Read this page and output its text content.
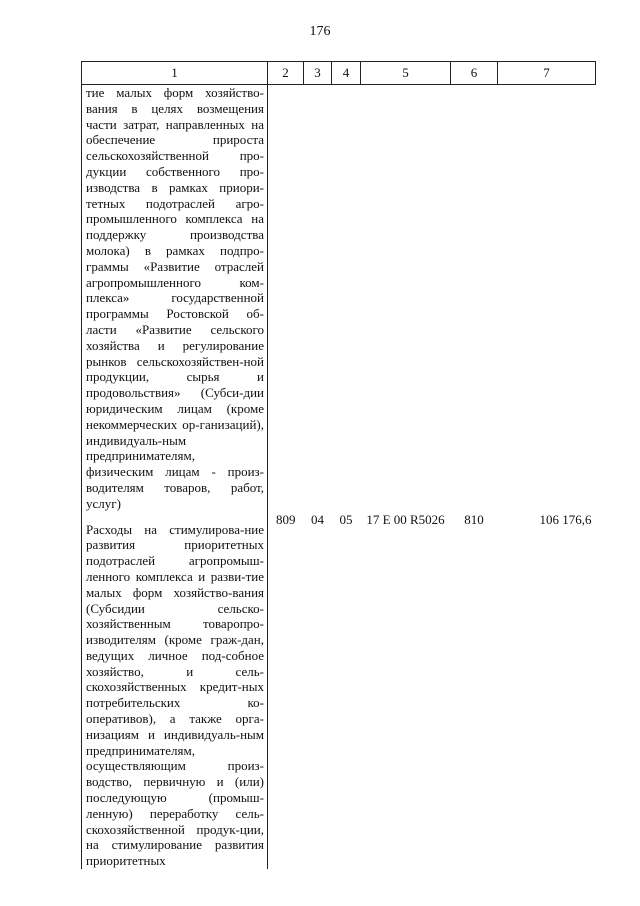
176
1	2	3	4	5	6	7
тие малых форм хозяйство-вания в целях возмещения части затрат, направленных на обеспечение прироста сельскохозяйственной про-дукции собственного про-изводства в рамках приори-тетных подотраслей агро-промышленного комплекса на поддержку производства молока) в рамках подпро-граммы «Развитие отраслей агропромышленного ком-плекса» государственной программы Ростовской об-ласти «Развитие сельского хозяйства и регулирование рынков сельскохозяйствен-ной продукции, сырья и продовольствия» (Субси-дии юридическим лицам (кроме некоммерческих ор-ганизаций), индивидуаль-ным предпринимателям, физическим лицам - произ-водителям товаров, работ, услуг)						
Расходы на стимулирова-ние развития приоритетных подотраслей агропромыш-ленного комплекса и разви-тие малых форм хозяйство-вания (Субсидии сельско-хозяйственным товаропро-изводителям (кроме граж-дан, ведущих личное под-собное хозяйство, и сель-скохозяйственных кредит-ных потребительских ко-оперативов), а также орга-низациям и индивидуаль-ным предпринимателям, осуществляющим произ-водство, первичную и (или) последующую (промыш-ленную) переработку сель-скохозяйственной продук-ции, на стимулирование развития приоритетных	809	04	05	17 Е 00 R5026	810	106 176,6
